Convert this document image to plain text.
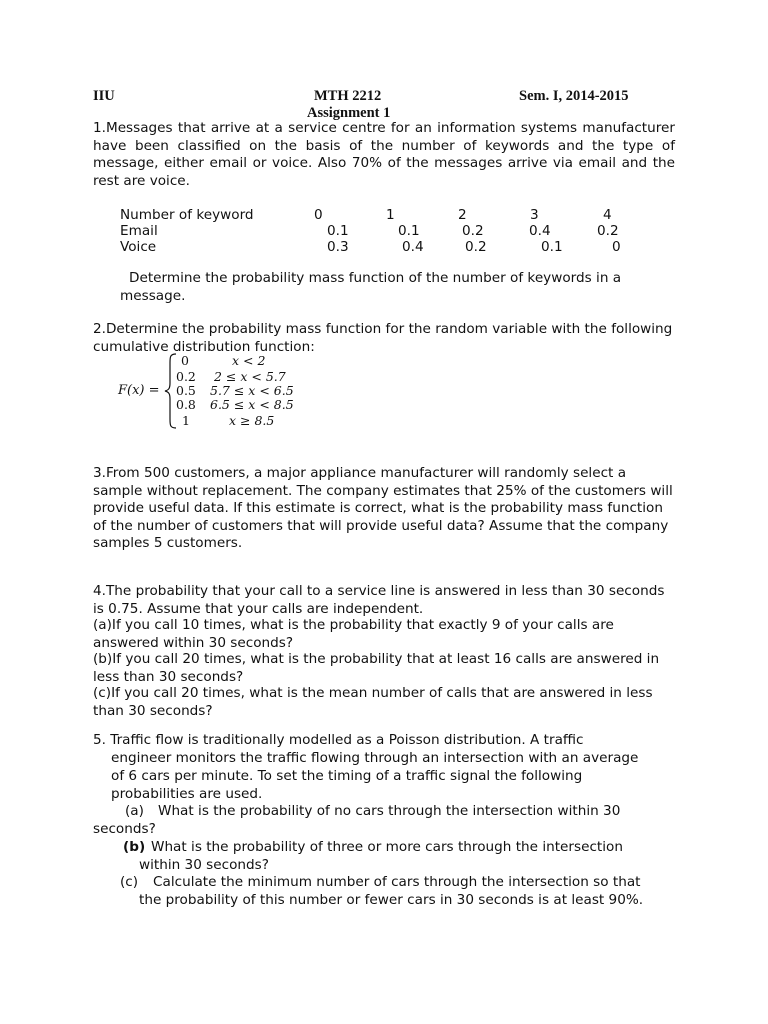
IIU	MTH 2212	Sem. I, 2014-2015
Assignment 1
1.Messages that arrive at a service centre for an information systems manufacturer have been classified on the basis of the number of keywords and the type of message, either email or voice. Also 70% of the messages arrive via email and the rest are voice.
Number of keyword	0	1	2	3	4
Email	0.1	0.1	0.2	0.4	0.2
Voice	0.3	0.4	0.2	0.1	0
Determine the probability mass function of the number of keywords in a message.
2.Determine the probability mass function for the random variable with the following cumulative distribution function:
F(x) =
0	x < 2
0.2 2 ≤ x < 5.7
0.5 5.7 ≤ x < 6.5
0.8 6.5 ≤ x < 8.5
1	x ≥ 8.5
3.From 500 customers, a major appliance manufacturer will randomly select a sample without replacement. The company estimates that 25% of the customers will provide useful data. If this estimate is correct, what is the probability mass function of the number of customers that will provide useful data? Assume that the company samples 5 customers.
4.The probability that your call to a service line is answered in less than 30 seconds is 0.75. Assume that your calls are independent.
(a)If you call 10 times, what is the probability that exactly 9 of your calls are answered within 30 seconds?
(b)If you call 20 times, what is the probability that at least 16 calls are answered in less than 30 seconds?
(c)If you call 20 times, what is the mean number of calls that are answered in less than 30 seconds?
5. Traffic flow is traditionally modelled as a Poisson distribution. A traffic
engineer monitors the traffic flowing through an intersection with an average
of 6 cars per minute. To set the timing of a traffic signal the following
probabilities are used.
(a) What is the probability of no cars through the intersection within 30
seconds?
(b) What is the probability of three or more cars through the intersection
within 30 seconds?
(c) Calculate the minimum number of cars through the intersection so that
the probability of this number or fewer cars in 30 seconds is at least 90%.
